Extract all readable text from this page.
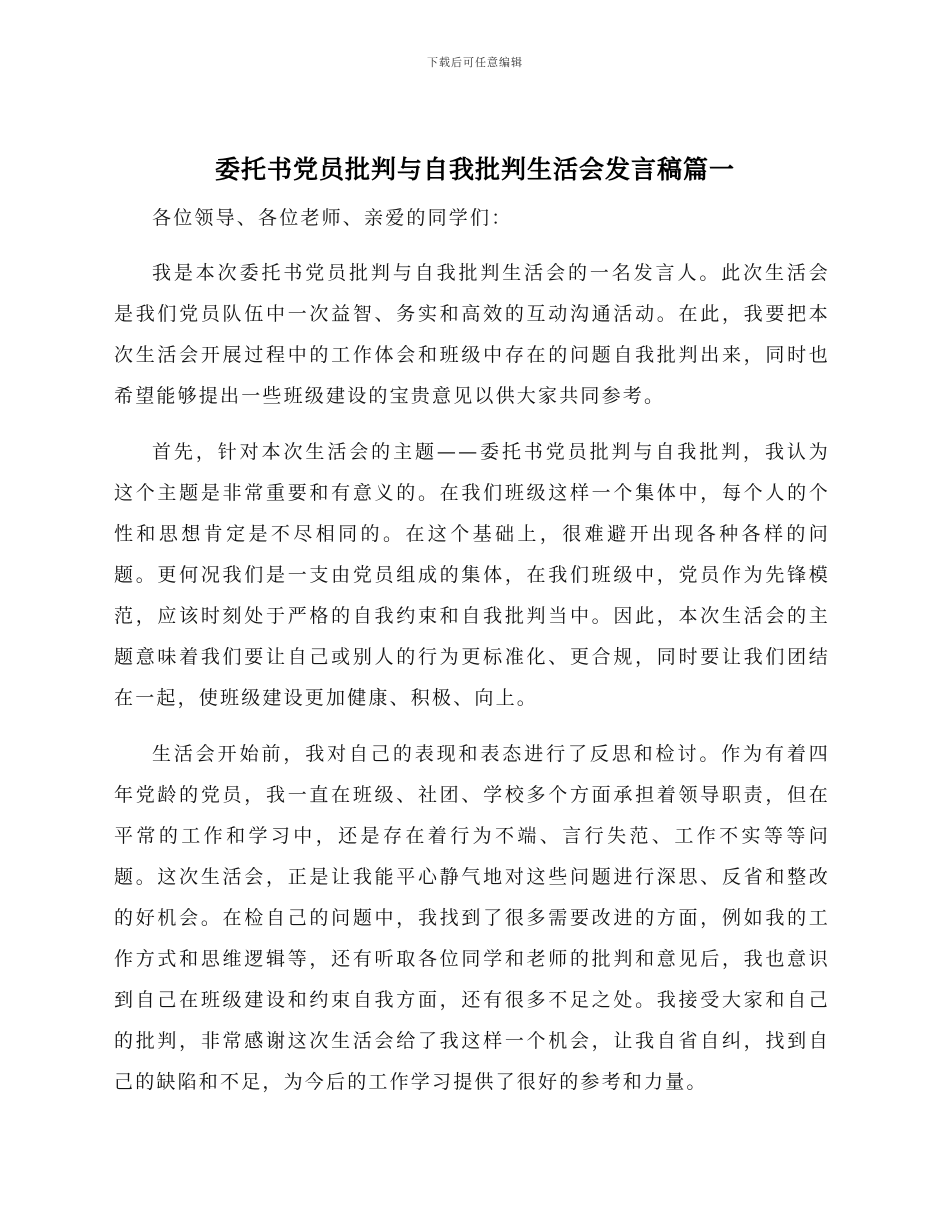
下载后可任意编辑
委托书党员批判与自我批判生活会发言稿篇一

各位领导、各位老师、亲爱的同学们：

我是本次委托书党员批判与自我批判生活会的一名发言人。此次生活会是我们党员队伍中一次益智、务实和高效的互动沟通活动。在此，我要把本次生活会开展过程中的工作体会和班级中存在的问题自我批判出来，同时也希望能够提出一些班级建设的宝贵意见以供大家共同参考。

首先，针对本次生活会的主题——委托书党员批判与自我批判，我认为这个主题是非常重要和有意义的。在我们班级这样一个集体中，每个人的个性和思想肯定是不尽相同的。在这个基础上，很难避开出现各种各样的问题。更何况我们是一支由党员组成的集体，在我们班级中，党员作为先锋模范，应该时刻处于严格的自我约束和自我批判当中。因此，本次生活会的主题意味着我们要让自己或别人的行为更标准化、更合规，同时要让我们团结在一起，使班级建设更加健康、积极、向上。

生活会开始前，我对自己的表现和表态进行了反思和检讨。作为有着四年党龄的党员，我一直在班级、社团、学校多个方面承担着领导职责，但在平常的工作和学习中，还是存在着行为不端、言行失范、工作不实等等问题。这次生活会，正是让我能平心静气地对这些问题进行深思、反省和整改的好机会。在检自己的问题中，我找到了很多需要改进的方面，例如我的工作方式和思维逻辑等，还有听取各位同学和老师的批判和意见后，我也意识到自己在班级建设和约束自我方面，还有很多不足之处。我接受大家和自己的批判，非常感谢这次生活会给了我这样一个机会，让我自省自纠，找到自己的缺陷和不足，为今后的工作学习提供了很好的参考和力量。
